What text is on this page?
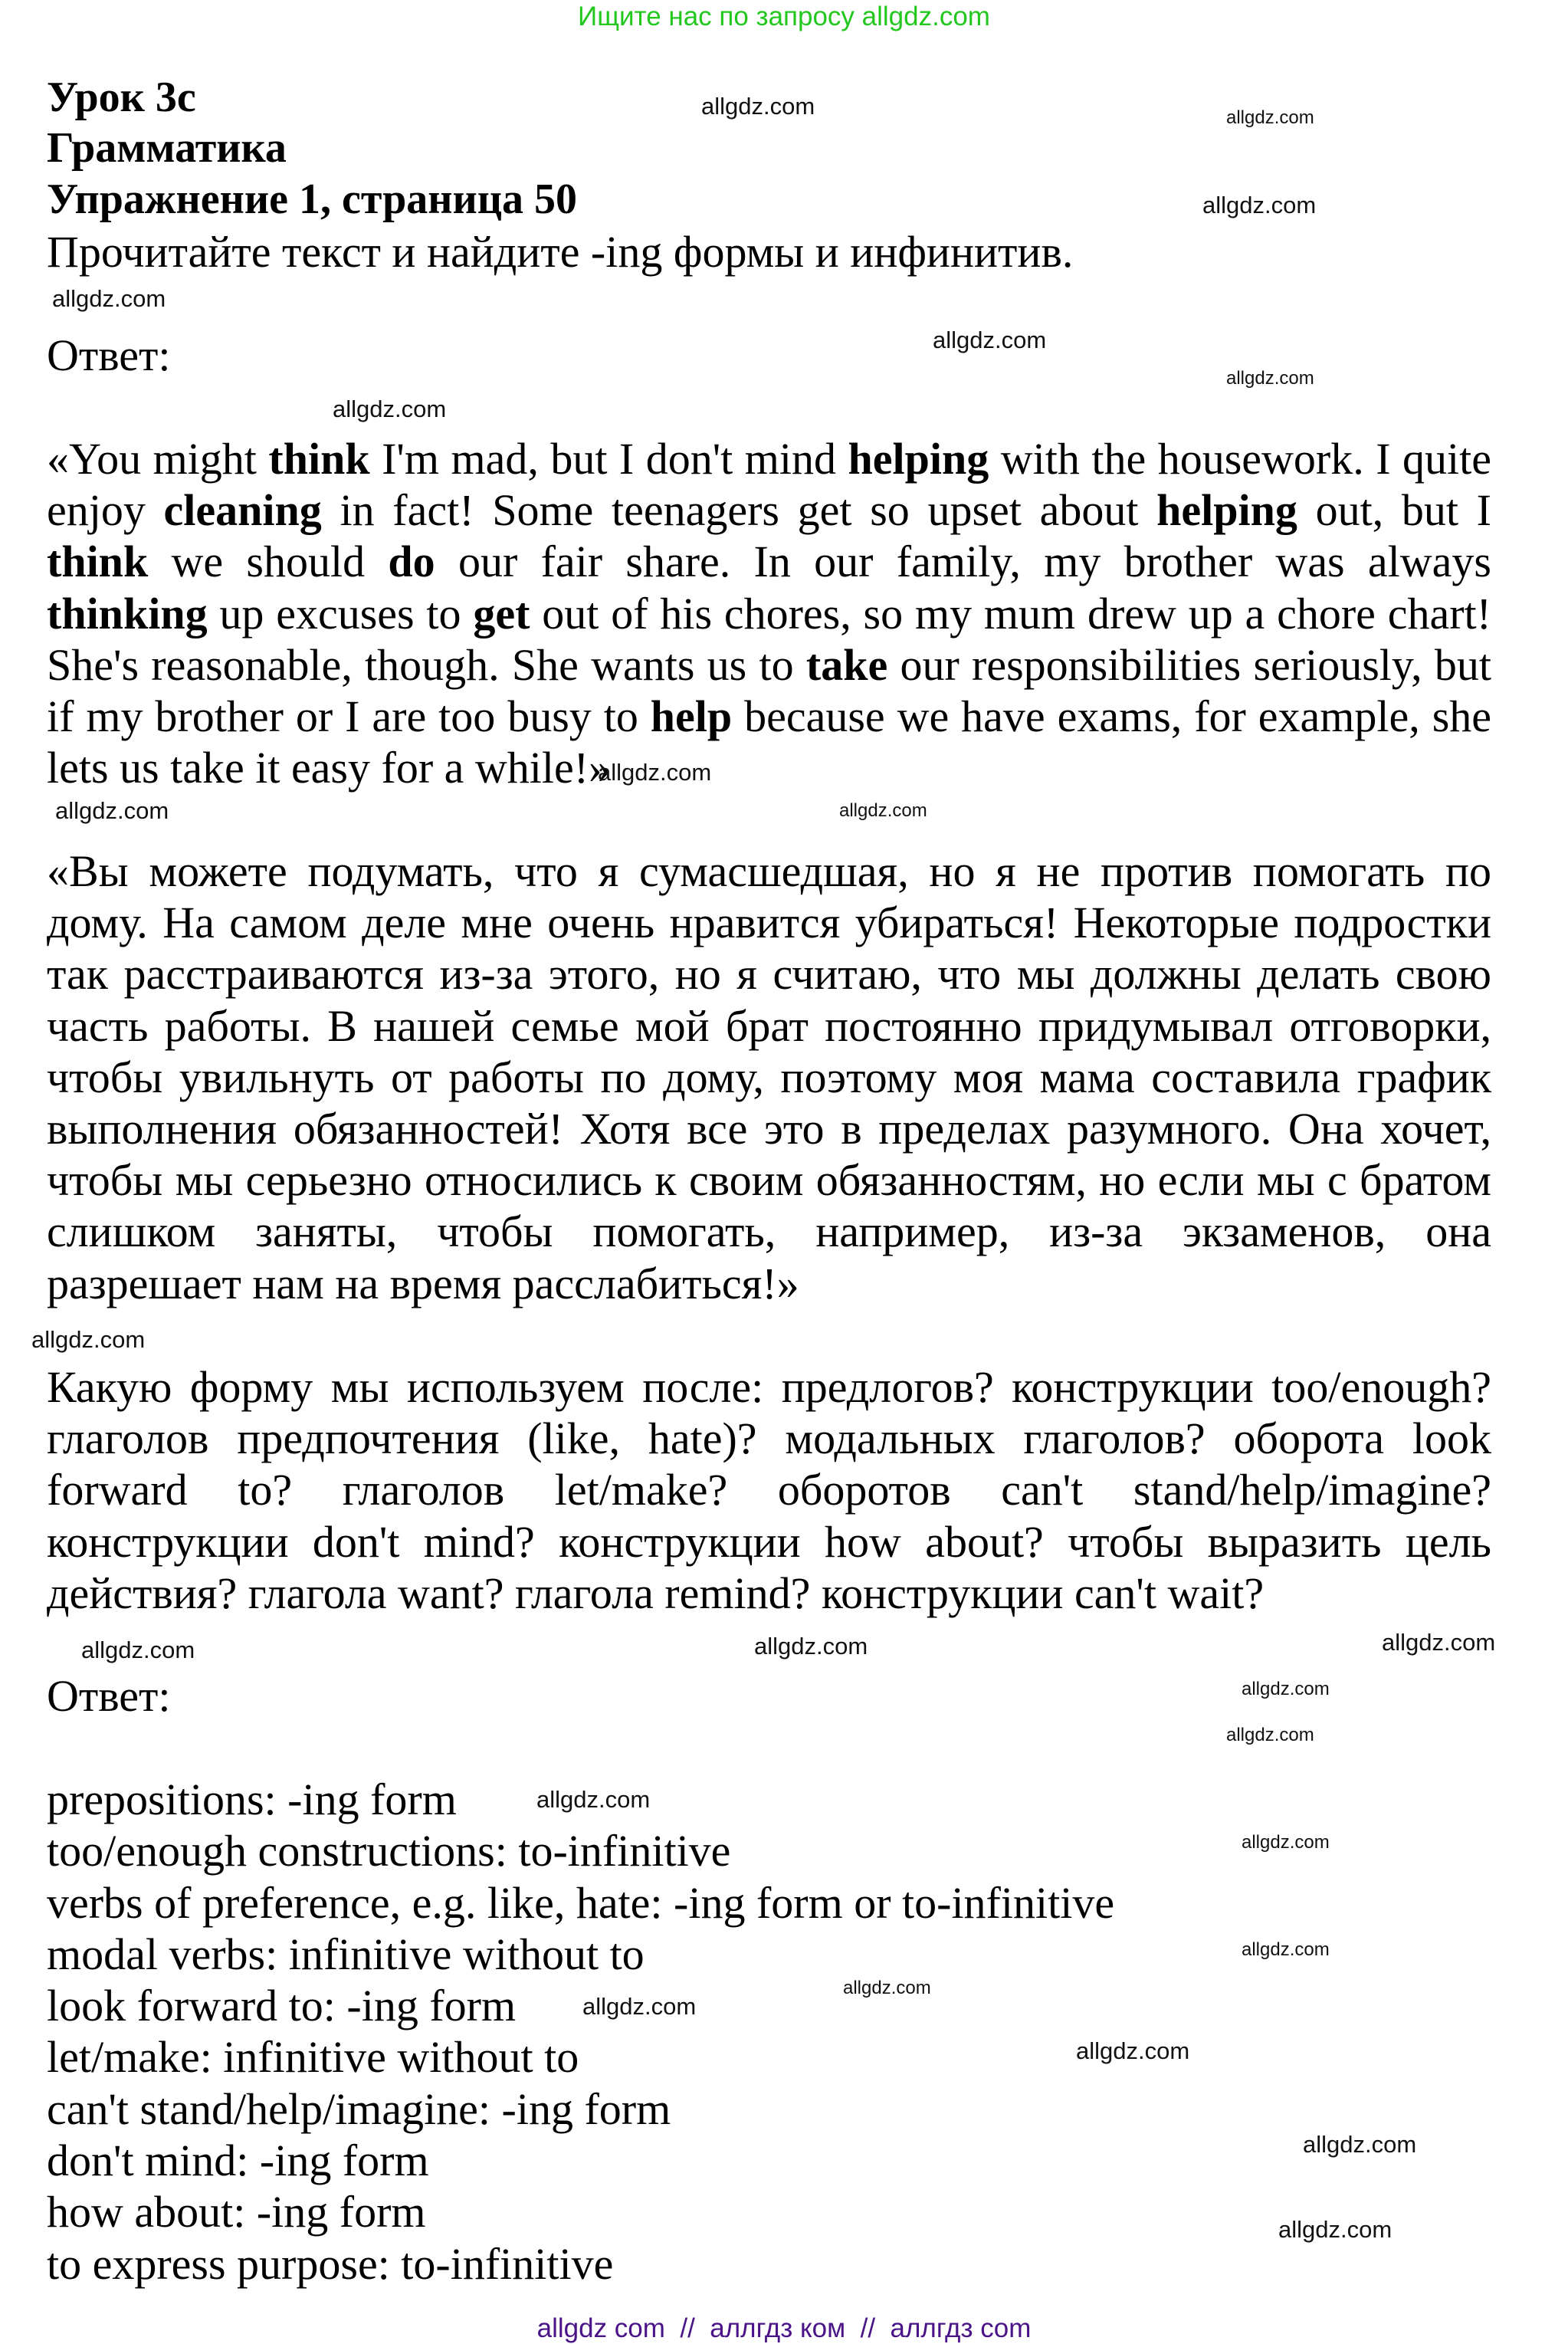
Ищите нас по запросу allgdz.com
Урок 3c
Грамматика
Упражнение 1, страница 50
Прочитайте текст и найдите -ing формы и инфинитив.
Ответ:
«You might think I'm mad, but I don't mind helping with the housework. I quite enjoy cleaning in fact! Some teenagers get so upset about helping out, but I think we should do our fair share. In our family, my brother was always thinking up excuses to get out of his chores, so my mum drew up a chore chart! She's reasonable, though. She wants us to take our responsibilities seriously, but if my brother or I are too busy to help because we have exams, for example, she lets us take it easy for a while!»
«Вы можете подумать, что я сумасшедшая, но я не против помогать по дому. На самом деле мне очень нравится убираться! Некоторые подростки так расстраиваются из-за этого, но я считаю, что мы должны делать свою часть работы. В нашей семье мой брат постоянно придумывал отговорки, чтобы увильнуть от работы по дому, поэтому моя мама составила график выполнения обязанностей! Хотя все это в пределах разумного. Она хочет, чтобы мы серьезно относились к своим обязанностям, но если мы с братом слишком заняты, чтобы помогать, например, из-за экзаменов, она разрешает нам на время расслабиться!»
Какую форму мы используем после: предлогов? конструкции too/enough? глаголов предпочтения (like, hate)? модальных глаголов? оборота look forward to? глаголов let/make? оборотов can't stand/help/imagine? конструкции don't mind? конструкции how about? чтобы выразить цель действия? глагола want? глагола remind? конструкции can't wait?
Ответ:
prepositions: -ing form
too/enough constructions: to-infinitive
verbs of preference, e.g. like, hate: -ing form or to-infinitive
modal verbs: infinitive without to
look forward to: -ing form
let/make: infinitive without to
can't stand/help/imagine: -ing form
don't mind: -ing form
how about: -ing form
to express purpose: to-infinitive
allgdz.com
allgdz.com
allgdz.com
allgdz.com
allgdz.com
allgdz.com
allgdz.com
allgdz.com
allgdz.com	allgdz.com
allgdz.com
allgdz.com
allgdz.com
allgdz.com
allgdz.com
allgdz.com
allgdz.com
allgdz.com
allgdz.com
allgdz.com
allgdz.com
allgdz.com
allgdz.com
allgdz.com
allgdz com  //  аллгдз ком  //  аллгдз com
